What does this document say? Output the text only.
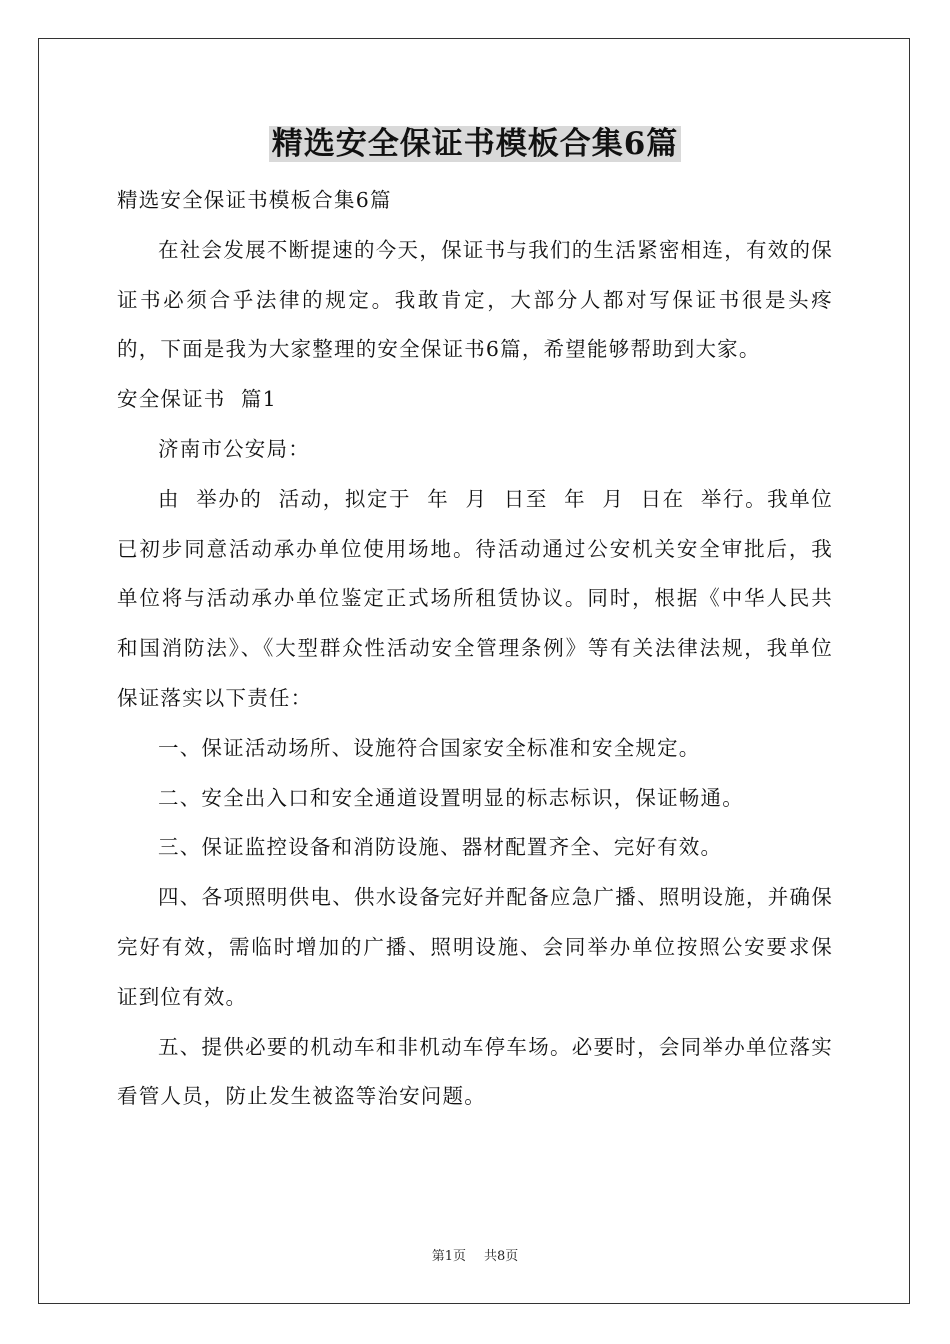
精选安全保证书模板合集6篇

精选安全保证书模板合集6篇

在社会发展不断提速的今天，保证书与我们的生活紧密相连，有效的保证书必须合乎法律的规定。我敢肯定，大部分人都对写保证书很是头疼的，下面是我为大家整理的安全保证书6篇，希望能够帮助到大家。

安全保证书  篇1

济南市公安局：

由  举办的  活动，拟定于  年  月  日至  年  月  日在  举行。我单位已初步同意活动承办单位使用场地。待活动通过公安机关安全审批后，我单位将与活动承办单位鉴定正式场所租赁协议。同时，根据《中华人民共和国消防法》、《大型群众性活动安全管理条例》等有关法律法规，我单位保证落实以下责任：

一、保证活动场所、设施符合国家安全标准和安全规定。

二、安全出入口和安全通道设置明显的标志标识，保证畅通。

三、保证监控设备和消防设施、器材配置齐全、完好有效。

四、各项照明供电、供水设备完好并配备应急广播、照明设施，并确保完好有效，需临时增加的广播、照明设施、会同举办单位按照公安要求保证到位有效。

五、提供必要的机动车和非机动车停车场。必要时，会同举办单位落实看管人员，防止发生被盗等治安问题。

第1页 共8页
